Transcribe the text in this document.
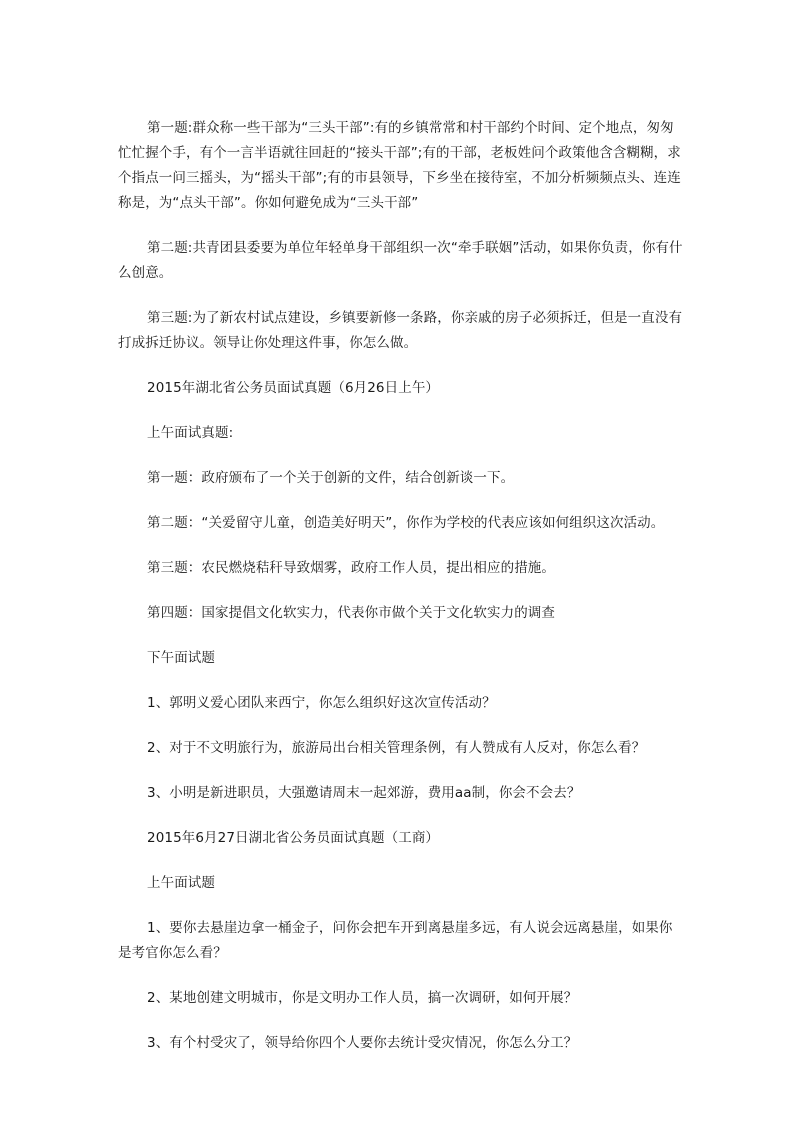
第一题:群众称一些干部为“三头干部”:有的乡镇常常和村干部约个时间、定个地点，匆匆忙忙握个手，有个一言半语就往回赶的“接头干部”;有的干部，老板姓问个政策他含含糊糊，求个指点一问三摇头，为“摇头干部”;有的市县领导，下乡坐在接待室，不加分析频频点头、连连称是，为“点头干部”。你如何避免成为“三头干部”

第二题:共青团县委要为单位年轻单身干部组织一次“牵手联姻”活动，如果你负责，你有什么创意。

第三题:为了新农村试点建设，乡镇要新修一条路，你亲戚的房子必须拆迁，但是一直没有打成拆迁协议。领导让你处理这件事，你怎么做。

2015年湖北省公务员面试真题（6月26日上午）

上午面试真题:

第一题：政府颁布了一个关于创新的文件，结合创新谈一下。

第二题：“关爱留守儿童，创造美好明天”，你作为学校的代表应该如何组织这次活动。

第三题：农民燃烧秸秆导致烟雾，政府工作人员，提出相应的措施。

第四题：国家提倡文化软实力，代表你市做个关于文化软实力的调查

下午面试题

1、郭明义爱心团队来西宁，你怎么组织好这次宣传活动？

2、对于不文明旅行为，旅游局出台相关管理条例，有人赞成有人反对，你怎么看？

3、小明是新进职员，大强邀请周末一起郊游，费用aa制，你会不会去？

2015年6月27日湖北省公务员面试真题（工商）

上午面试题

1、要你去悬崖边拿一桶金子，问你会把车开到离悬崖多远，有人说会远离悬崖，如果你是考官你怎么看？

2、某地创建文明城市，你是文明办工作人员，搞一次调研，如何开展？

3、有个村受灾了，领导给你四个人要你去统计受灾情况，你怎么分工？
